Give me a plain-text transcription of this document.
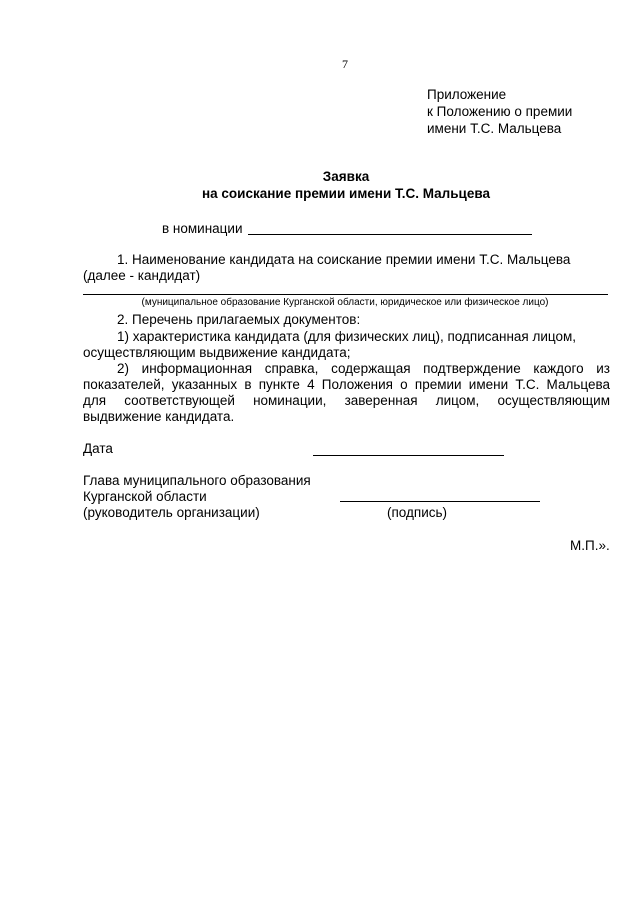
7
Приложение
к Положению о премии
имени Т.С. Мальцева
Заявка
на соискание премии имени Т.С. Мальцева
в номинации
1. Наименование кандидата на соискание премии имени Т.С. Мальцева
(далее - кандидат)
(муниципальное образование Курганской области, юридическое или физическое лицо)
2. Перечень прилагаемых документов:
1) характеристика кандидата (для физических лиц), подписанная лицом,
осуществляющим выдвижение кандидата;
2) информационная справка, содержащая подтверждение каждого из
показателей, указанных в пункте 4 Положения о премии имени Т.С. Мальцева
для соответствующей номинации, заверенная лицом, осуществляющим
выдвижение кандидата.
Дата
Глава муниципального образования
Курганской области
(руководитель организации)	(подпись)
М.П.».
